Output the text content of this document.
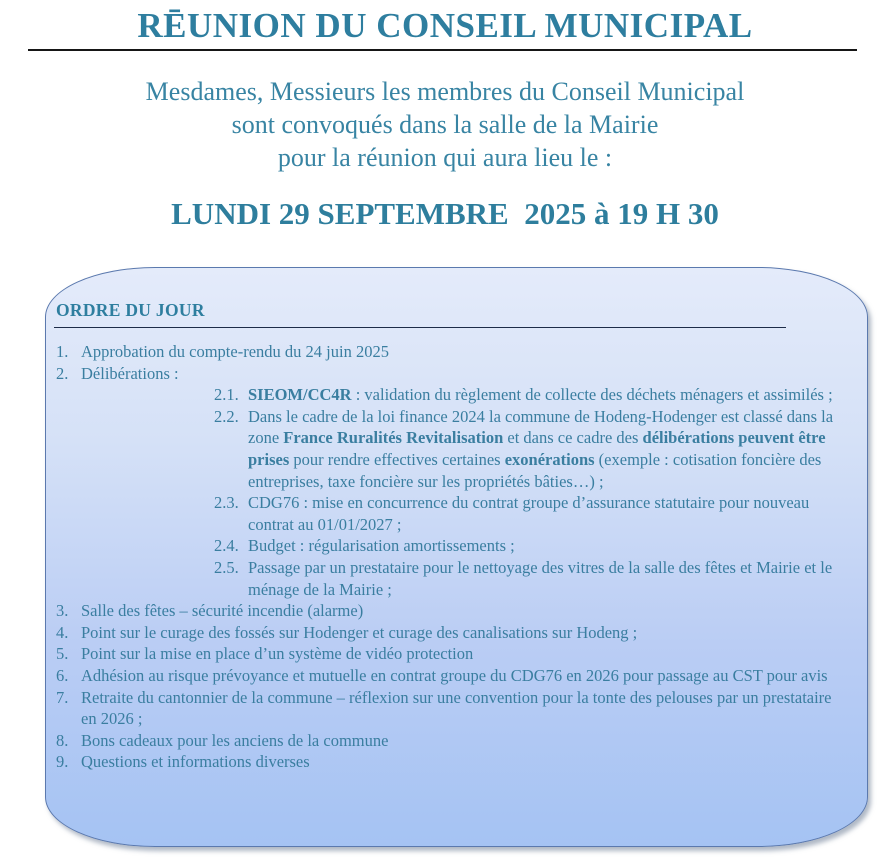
RĒUNION DU CONSEIL MUNICIPAL
Mesdames, Messieurs les membres du Conseil Municipal
sont convoqués dans la salle de la Mairie
pour la réunion qui aura lieu le :
LUNDI 29 SEPTEMBRE  2025 à 19 H 30
ORDRE DU JOUR
1. Approbation du compte-rendu du 24 juin 2025
2. Délibérations :
2.1. SIEOM/CC4R : validation du règlement de collecte des déchets ménagers et assimilés ;
2.2. Dans le cadre de la loi finance 2024 la commune de Hodeng-Hodenger est classé dans la zone France Ruralités Revitalisation et dans ce cadre des délibérations peuvent être prises pour rendre effectives certaines exonérations (exemple : cotisation foncière des entreprises, taxe foncière sur les propriétés bâties…) ;
2.3. CDG76 : mise en concurrence du contrat groupe d’assurance statutaire pour nouveau contrat au 01/01/2027 ;
2.4. Budget : régularisation amortissements ;
2.5. Passage par un prestataire pour le nettoyage des vitres de la salle des fêtes et Mairie et le ménage de la Mairie ;
3. Salle des fêtes – sécurité incendie (alarme)
4. Point sur le curage des fossés sur Hodenger et curage des canalisations sur Hodeng ;
5. Point sur la mise en place d’un système de vidéo protection
6. Adhésion au risque prévoyance et mutuelle en contrat groupe du CDG76 en 2026 pour passage au CST pour avis
7. Retraite du cantonnier de la commune – réflexion sur une convention pour la tonte des pelouses par un prestataire en 2026 ;
8. Bons cadeaux pour les anciens de la commune
9. Questions et informations diverses
